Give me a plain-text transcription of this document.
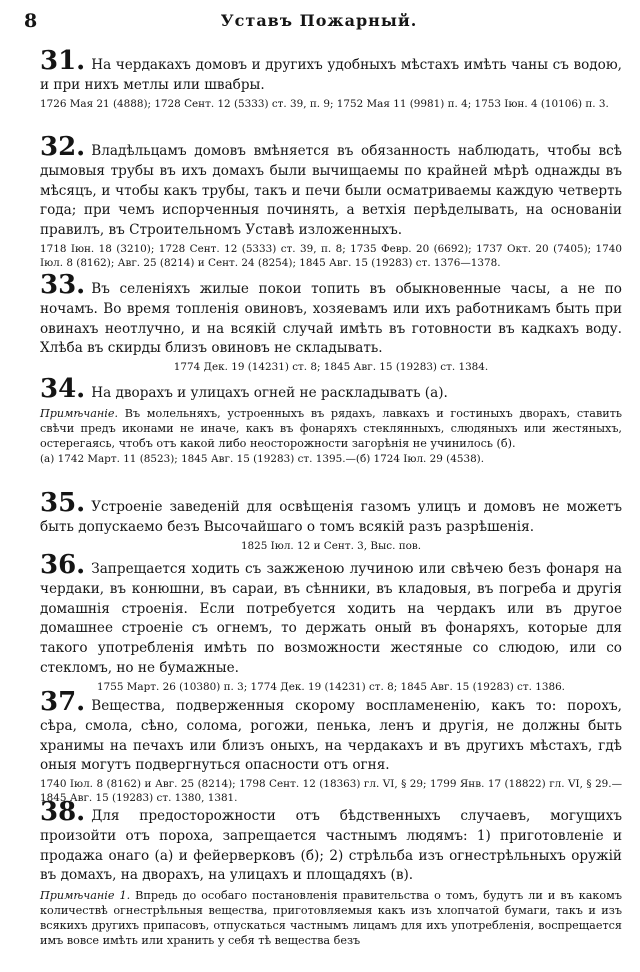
8	Уставъ Пожарный.

31. На чердакахъ домовъ и другихъ удобныхъ мѣстахъ имѣть чаны съ водою, и при нихъ метлы или швабры.

1726 Мая 21 (4888); 1728 Сент. 12 (5333) ст. 39, п. 9; 1752 Мая 11 (9981) п. 4; 1753 Iюн. 4 (10106) п. 3.

32. Владѣльцамъ домовъ вмѣняется въ обязанность наблюдать, чтобы всѣ дымовыя трубы въ ихъ домахъ были вычищаемы по крайней мѣрѣ однажды въ мѣсяцъ, и чтобы какъ трубы, такъ и печи были осматриваемы каждую четверть года; при чемъ испорченныя починять, а ветхія перѣделывать, на основаніи правилъ, въ Строительномъ Уставѣ изложенныхъ.

1718 Iюн. 18 (3210); 1728 Сент. 12 (5333) ст. 39, п. 8; 1735 Февр. 20 (6692); 1737 Окт. 20 (7405); 1740 Iюл. 8 (8162); Авг. 25 (8214) и Сент. 24 (8254); 1845 Авг. 15 (19283) ст. 1376—1378.

33. Въ селеніяхъ жилые покои топить въ обыкновенные часы, а не по ночамъ. Во время топленія овиновъ, хозяевамъ или ихъ работникамъ быть при овинахъ неотлучно, и на всякій случай имѣть въ готовности въ кадкахъ воду. Хлѣба въ скирды близъ овиновъ не складывать.

1774 Дек. 19 (14231) ст. 8; 1845 Авг. 15 (19283) ст. 1384.

34. На дворахъ и улицахъ огней не раскладывать (а).

Примѣчаніе. Въ молельняхъ, устроенныхъ въ рядахъ, лавкахъ и гостиныхъ дворахъ, ставить свѣчи предъ иконами не иначе, какъ въ фонаряхъ стеклянныхъ, слюдяныхъ или жестяныхъ, остерегаясь, чтобъ отъ какой либо неосторожности загорѣнія не учинилось (б).

(а) 1742 Март. 11 (8523); 1845 Авг. 15 (19283) ст. 1395.—(б) 1724 Iюл. 29 (4538).

35. Устроеніе заведеній для освѣщенія газомъ улицъ и домовъ не можетъ быть допускаемо безъ Высочайшаго о томъ всякій разъ разрѣшенія.

1825 Iюл. 12 и Сент. 3, Выс. пов.

36. Запрещается ходить съ зажженою лучиною или свѣчею безъ фонаря на чердаки, въ конюшни, въ сараи, въ сѣнники, въ кладовыя, въ погреба и другія домашнія строенія. Если потребуется ходить на чердакъ или въ другое домашнее строеніе съ огнемъ, то держать оный въ фонаряхъ, которые для такого употребленія имѣть по возможности жестяные со слюдою, или со стекломъ, но не бумажные.

1755 Март. 26 (10380) п. 3; 1774 Дек. 19 (14231) ст. 8; 1845 Авг. 15 (19283) ст. 1386.

37. Вещества, подверженныя скорому воспламененію, какъ то: порохъ, сѣра, смола, сѣно, солома, рогожи, пенька, ленъ и другія, не должны быть хранимы на печахъ или близъ оныхъ, на чердакахъ и въ другихъ мѣстахъ, гдѣ оныя могутъ подвергнуться опасности отъ огня.

1740 Iюл. 8 (8162) и Авг. 25 (8214); 1798 Сент. 12 (18363) гл. VI, § 29; 1799 Янв. 17 (18822) гл. VI, § 29.—1845 Авг. 15 (19283) ст. 1380, 1381.

38. Для предосторожности отъ бѣдственныхъ случаевъ, могущихъ произойти отъ пороха, запрещается частнымъ людямъ: 1) приготовленіе и продажа онаго (а) и фейерверковъ (б); 2) стрѣльба изъ огнестрѣльныхъ оружій въ домахъ, на дворахъ, на улицахъ и площадяхъ (в).

Примѣчаніе 1. Впредь до особаго постановленія правительства о томъ, будутъ ли и въ какомъ количествѣ огнестрѣльныя вещества, приготовляемыя какъ изъ хлопчатой бумаги, такъ и изъ всякихъ другихъ припасовъ, отпускаться частнымъ лицамъ для ихъ употребленія, воспрещается имъ вовсе имѣть или хранить у себя тѣ вещества безъ
